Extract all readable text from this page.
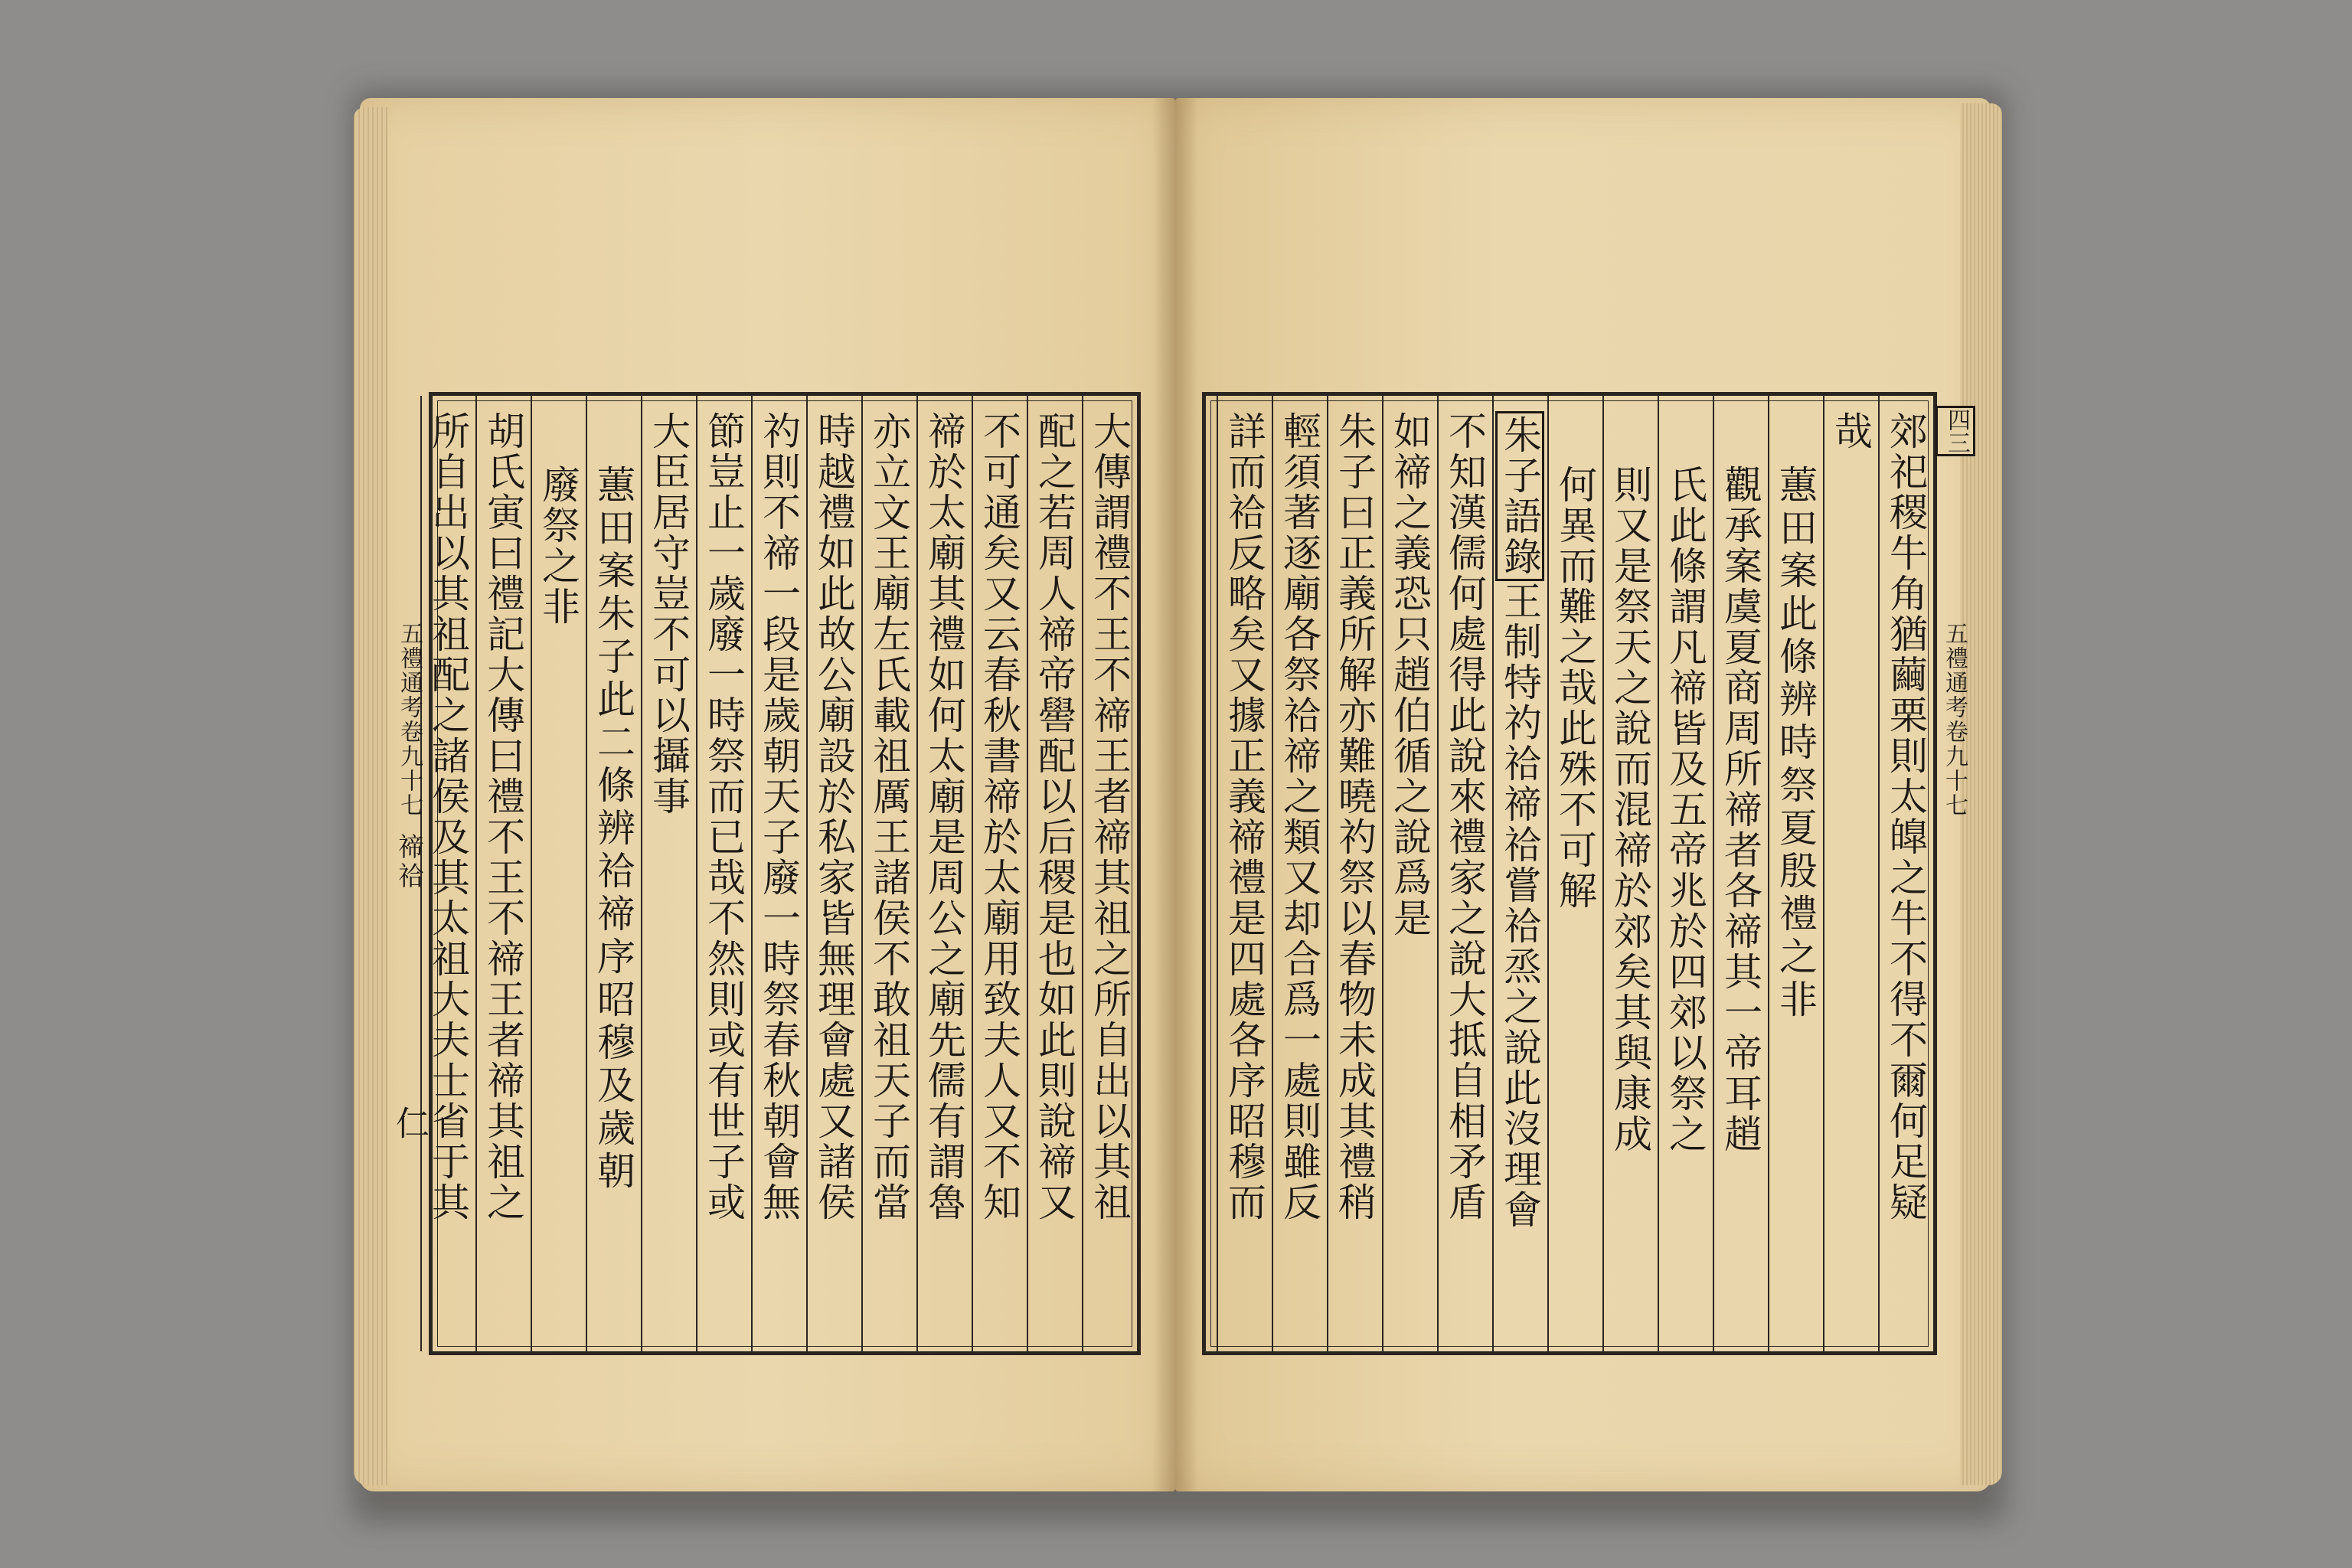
大傳謂禮不王不禘王者禘其祖之所自出以其祖
配之若周人禘帝嚳配以后稷是也如此則說禘又
不可通矣又云春秋書禘於太廟用致夫人又不知
禘於太廟其禮如何太廟是周公之廟先儒有謂魯
亦立文王廟左氏載祖厲王諸侯不敢祖天子而當
時越禮如此故公廟設於私家皆無理會處又諸侯
礿則不禘一段是歲朝天子廢一時祭春秋朝會無
節豈止一歲廢一時祭而已哉不然則或有世子或
大臣居守豈不可以攝事
蕙田案朱子此二條辨祫禘序昭穆及歲朝
廢祭之非
胡氏寅曰禮記大傳曰禮不王不禘王者禘其祖之
所自出以其祖配之諸侯及其太祖大夫士省于其
五禮通考卷九十七
禘祫
仁	郊祀稷牛角猶繭栗則太皥之牛不得不爾何足疑
哉
蕙田案此條辨時祭夏殷禮之非
觀承案虞夏商周所禘者各禘其一帝耳趙
氏此條謂凡禘皆及五帝兆於四郊以祭之
則又是祭天之說而混禘於郊矣其與康成
何異而難之哉此殊不可解
朱子語錄王制特礿祫禘祫嘗祫烝之說此沒理會
不知漢儒何處得此說來禮家之說大抵自相矛盾
如禘之義恐只趙伯循之說爲是
朱子曰正義所解亦難曉礿祭以春物未成其禮稍
輕須著逐廟各祭祫禘之類又却合爲一處則雖反
詳而祫反略矣又據正義禘禮是四處各序昭穆而	四三
五禮通考卷九十七
